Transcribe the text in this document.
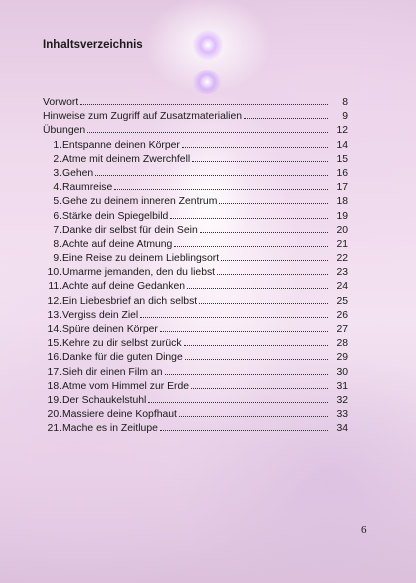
Inhaltsverzeichnis
Vorwort	8
Hinweise zum Zugriff auf Zusatzmaterialien	9
Übungen	12
1. Entspanne deinen Körper	14
2. Atme mit deinem Zwerchfell	15
3. Gehen	16
4. Raumreise	17
5. Gehe zu deinem inneren Zentrum	18
6. Stärke dein Spiegelbild	19
7. Danke dir selbst für dein Sein	20
8. Achte auf deine Atmung	21
9. Eine Reise zu deinem Lieblingsort	22
10. Umarme jemanden, den du liebst	23
11. Achte auf deine Gedanken	24
12. Ein Liebesbrief an dich selbst	25
13. Vergiss dein Ziel	26
14. Spüre deinen Körper	27
15. Kehre zu dir selbst zurück	28
16. Danke für die guten Dinge	29
17. Sieh dir einen Film an	30
18. Atme vom Himmel zur Erde	31
19. Der Schaukelstuhl	32
20. Massiere deine Kopfhaut	33
21. Mache es in Zeitlupe	34
6
